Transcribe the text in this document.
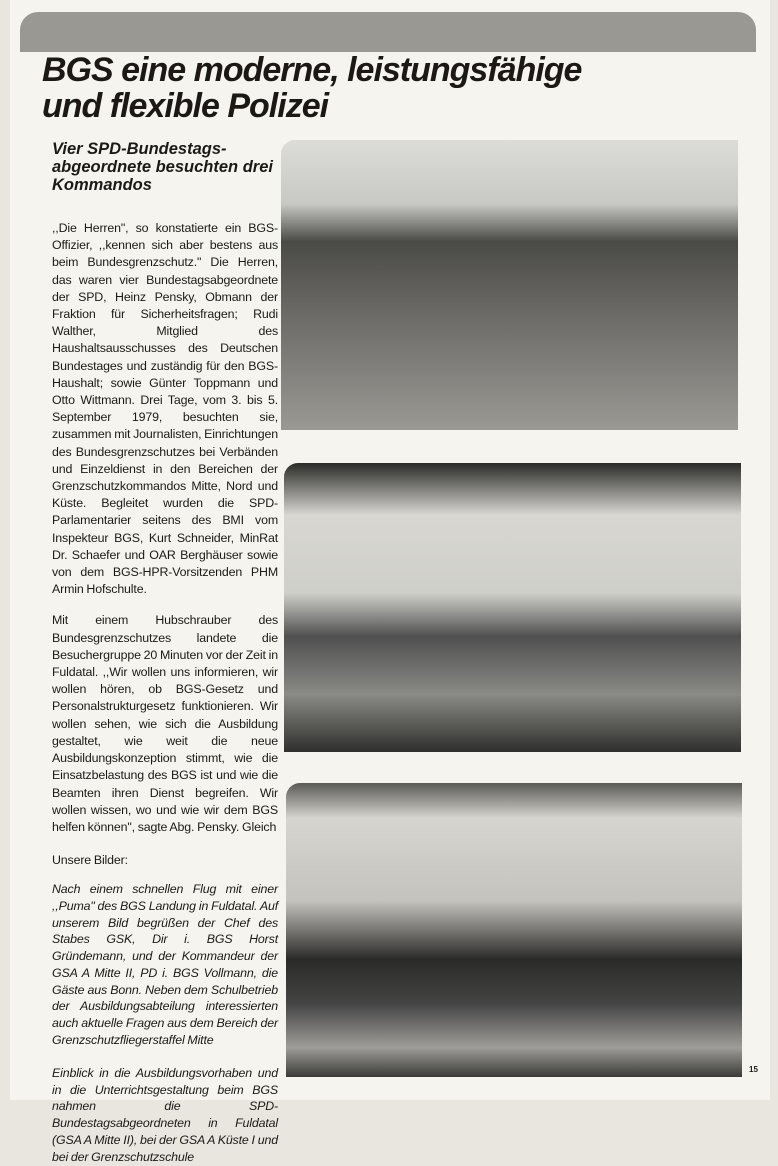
BGS eine moderne, leistungsfähige
und flexible Polizei
Vier SPD-Bundestags-abgeordnete besuchten drei Kommandos

,,Die Herren", so konstatierte ein BGS-Offizier, ,,kennen sich aber bestens aus beim Bundesgrenzschutz." Die Herren, das waren vier Bundestagsabgeordnete der SPD, Heinz Pensky, Obmann der Fraktion für Sicherheitsfragen; Rudi Walther, Mitglied des Haushaltsausschusses des Deutschen Bundestages und zuständig für den BGS-Haushalt; sowie Günter Toppmann und Otto Wittmann. Drei Tage, vom 3. bis 5. September 1979, besuchten sie, zusammen mit Journalisten, Einrichtungen des Bundesgrenzschutzes bei Verbänden und Einzeldienst in den Bereichen der Grenzschutzkommandos Mitte, Nord und Küste. Begleitet wurden die SPD-Parlamentarier seitens des BMI vom Inspekteur BGS, Kurt Schneider, MinRat Dr. Schaefer und OAR Berghäuser sowie von dem BGS-HPR-Vorsitzenden PHM Armin Hofschulte.

Mit einem Hubschrauber des Bundesgrenzschutzes landete die Besuchergruppe 20 Minuten vor der Zeit in Fuldatal. ,,Wir wollen uns informieren, wir wollen hören, ob BGS-Gesetz und Personalstrukturgesetz funktionieren. Wir wollen sehen, wie sich die Ausbildung gestaltet, wie weit die neue Ausbildungskonzeption stimmt, wie die Einsatzbelastung des BGS ist und wie die Beamten ihren Dienst begreifen. Wir wollen wissen, wo und wie wir dem BGS helfen können", sagte Abg. Pensky. Gleich

Unsere Bilder:

Nach einem schnellen Flug mit einer ,,Puma" des BGS Landung in Fuldatal. Auf unserem Bild begrüßen der Chef des Stabes GSK, Dir i. BGS Horst Gründemann, und der Kommandeur der GSA A Mitte II, PD i. BGS Vollmann, die Gäste aus Bonn. Neben dem Schulbetrieb der Ausbildungsabteilung interessierten auch aktuelle Fragen aus dem Bereich der Grenzschutzfliegerstaffel Mitte

Einblick in die Ausbildungsvorhaben und in die Unterrichtsgestaltung beim BGS nahmen die SPD-Bundestagsabgeordneten in Fuldatal (GSA A Mitte II), bei der GSA A Küste I und bei der Grenzschutzschule

15
